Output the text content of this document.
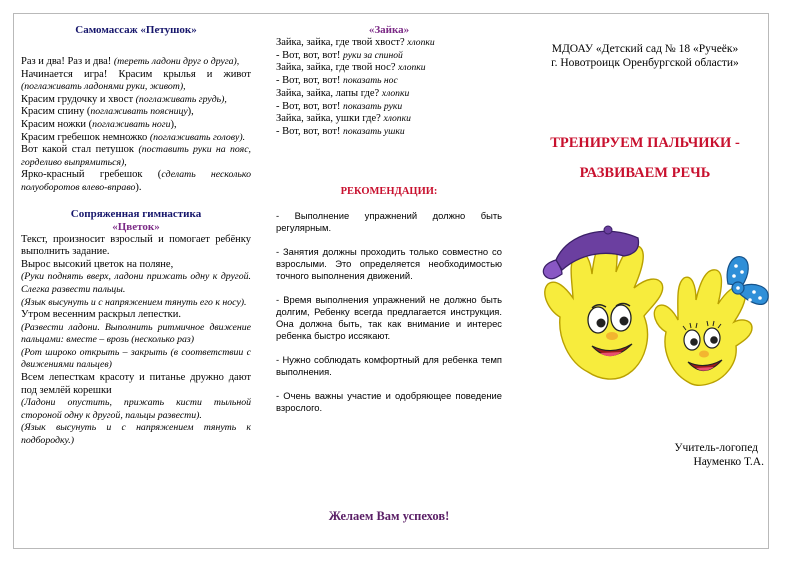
Самомассаж «Петушок»

Раз и два! Раз и два! (тереть ладони друг о друга),

Начинается игра! Красим крылья и живот (поглаживать ладонями руки, живот),

Красим грудочку и хвост (поглаживать грудь),

Красим спину (поглаживать поясницу),

Красим ножки (поглаживать ноги),

Красим гребешок немножко (поглаживать голову).

Вот какой стал петушок (поставить руки на пояс, горделиво выпрямиться),

Ярко-красный гребешок (сделать несколько полуоборотов влево-вправо).

Сопряженная гимнастика
«Цветок»

Текст, произносит взрослый и помогает ребёнку выполнить задание.

Вырос высокий цветок на поляне,

(Руки поднять вверх, ладони прижать одну к другой. Слегка развести пальцы.

(Язык высунуть и с напряжением тянуть его к носу).

Утром весенним раскрыл лепестки.

(Развести ладони. Выполнить ритмичное движение пальцами: вместе – врозь (несколько раз)

(Рот широко открыть – закрыть (в соответствии с движениями пальцев)

Всем лепесткам красоту и питанье дружно дают под землёй корешки

(Ладони опустить, прижать кисти тыльной стороной одну к другой, пальцы развести).

(Язык высунуть и с напряжением тянуть к подбородку.)

«Зайка»

Зайка, зайка, где твой хвост? хлопки

- Вот, вот, вот! руки за спиной

Зайка, зайка, где твой нос? хлопки

- Вот, вот, вот! показать нос

Зайка, зайка, лапы где? хлопки

- Вот, вот, вот! показать руки

Зайка, зайка, ушки где? хлопки

- Вот, вот, вот! показать ушки

РЕКОМЕНДАЦИИ:

- Выполнение упражнений должно быть регулярным.

- Занятия должны проходить только совместно со взрослыми. Это определяется необходимостью точного выполнения движений.

- Время выполнения упражнений не должно быть долгим, Ребенку всегда предлагается инструкция. Она должна быть, так как внимание и интерес ребенка быстро иссякают.

- Нужно соблюдать комфортный для ребенка темп выполнения.

- Очень важны участие и одобряющее поведение взрослого.

Желаем Вам успехов!
МДОАУ «Детский сад № 18 «Ручеёк»
г. Новотроицк Оренбургской области»
ТРЕНИРУЕМ ПАЛЬЧИКИ -
РАЗВИВАЕМ РЕЧЬ
Учитель-логопед
Науменко Т.А.
